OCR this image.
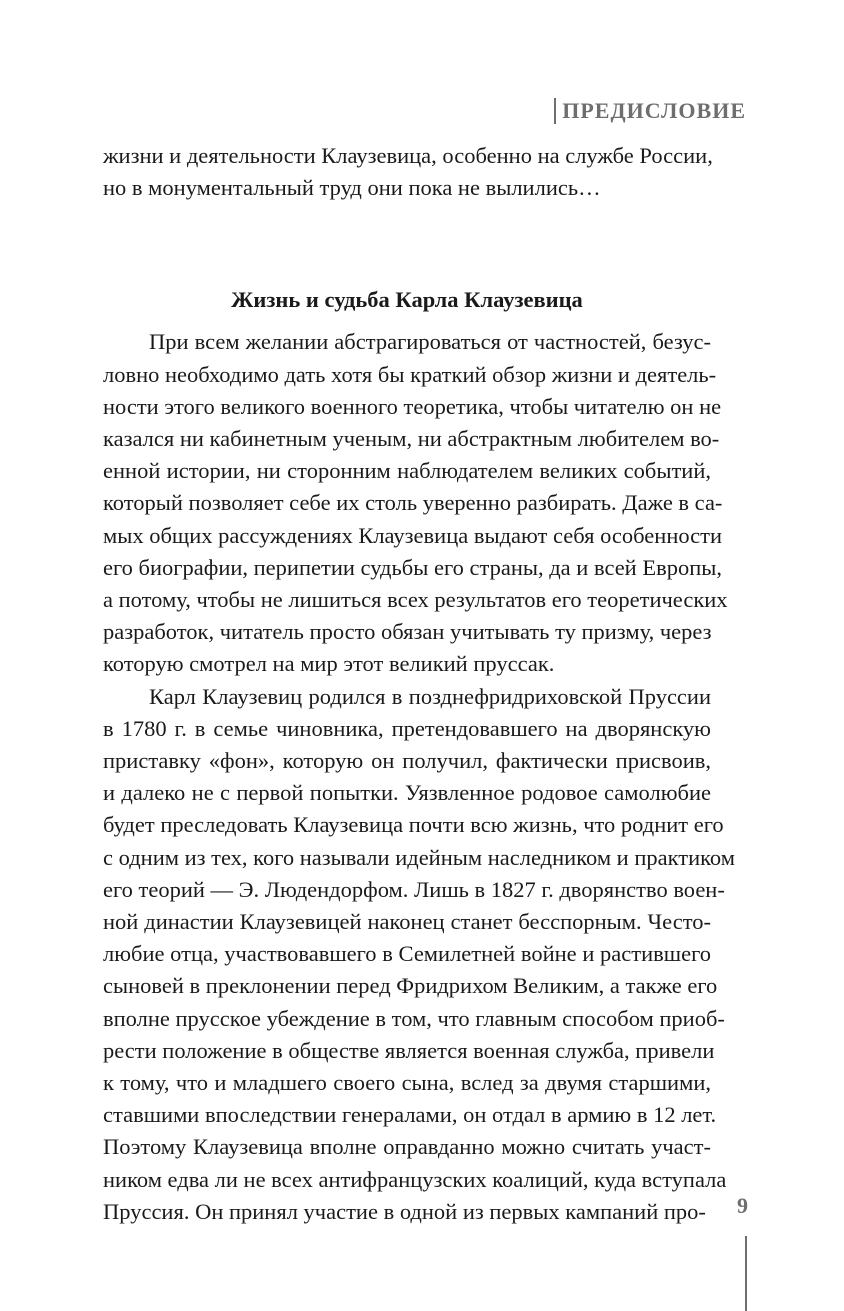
ПРЕДИСЛОВИЕ
жизни и деятельности Клаузевица, особенно на службе России,
но в монументальный труд они пока не вылились…
Жизнь и судьба Карла Клаузевица
При всем желании абстрагироваться от частностей, безус-
ловно необходимо дать хотя бы краткий обзор жизни и деятель-
ности этого великого военного теоретика, чтобы читателю он не
казался ни кабинетным ученым, ни абстрактным любителем во-
енной истории, ни сторонним наблюдателем великих событий,
который позволяет себе их столь уверенно разбирать. Даже в са-
мых общих рассуждениях Клаузевица выдают себя особенности
его биографии, перипетии судьбы его страны, да и всей Европы,
а потому, чтобы не лишиться всех результатов его теоретических
разработок, читатель просто обязан учитывать ту призму, через
которую смотрел на мир этот великий пруссак.
Карл Клаузевиц родился в позднефридриховской Пруссии
в 1780 г. в семье чиновника, претендовавшего на дворянскую
приставку «фон», которую он получил, фактически присвоив,
и далеко не с первой попытки. Уязвленное родовое самолюбие
будет преследовать Клаузевица почти всю жизнь, что роднит его
с одним из тех, кого называли идейным наследником и практиком
его теорий — Э. Людендорфом. Лишь в 1827 г. дворянство воен-
ной династии Клаузевицей наконец станет бесспорным. Често-
любие отца, участвовавшего в Семилетней войне и растившего
сыновей в преклонении перед Фридрихом Великим, а также его
вполне прусское убеждение в том, что главным способом приоб-
рести положение в обществе является военная служба, привели
к тому, что и младшего своего сына, вслед за двумя старшими,
ставшими впоследствии генералами, он отдал в армию в 12 лет.
Поэтому Клаузевица вполне оправданно можно считать участ-
ником едва ли не всех антифранцузских коалиций, куда вступала
Пруссия. Он принял участие в одной из первых кампаний про- 9
